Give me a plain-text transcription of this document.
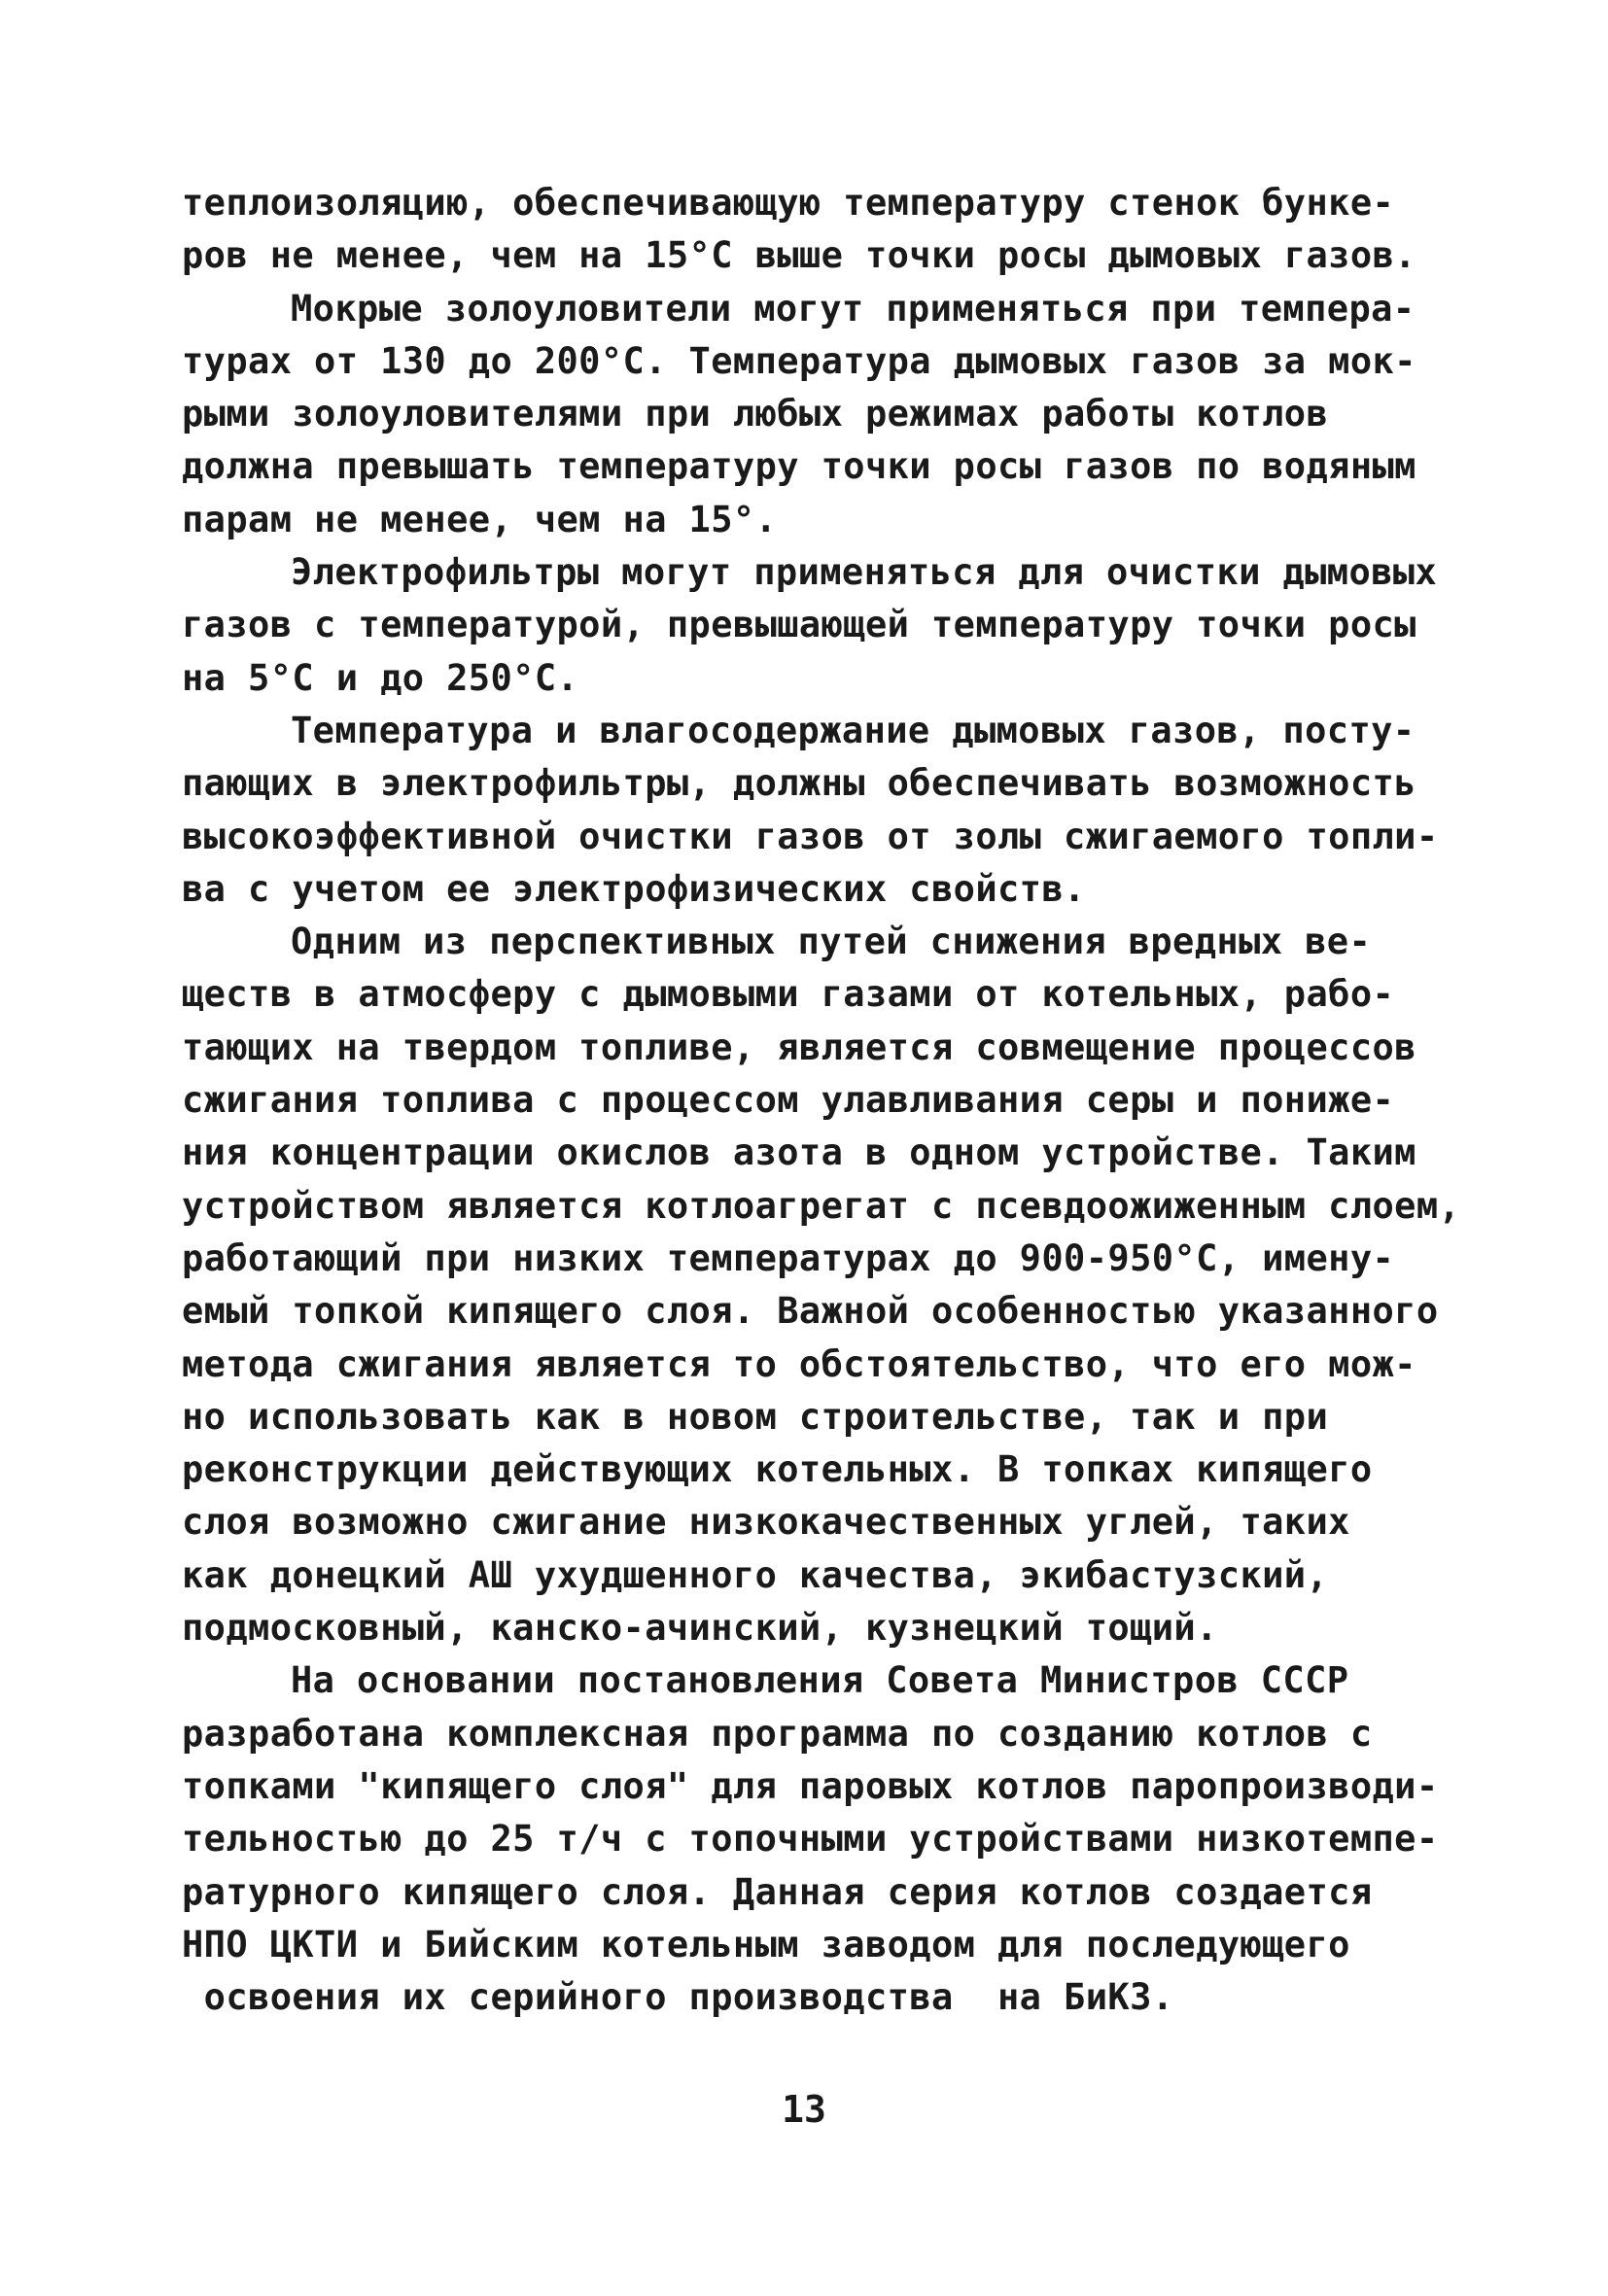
теплоизоляцию, обеспечивающую температуру стенок бунке-
ров не менее, чем на 15°С выше точки росы дымовых газов.
Мокрые золоуловители могут применяться при темпера-
турах от 130 до 200°С. Температура дымовых газов за мок-
рыми золоуловителями при любых режимах работы котлов
должна превышать температуру точки росы газов по водяным
парам не менее, чем на 15°.
Электрофильтры могут применяться для очистки дымовых
газов с температурой, превышающей температуру точки росы
на 5°С и до 250°С.
Температура и влагосодержание дымовых газов, посту-
пающих в электрофильтры, должны обеспечивать возможность
высокоэффективной очистки газов от золы сжигаемого топли-
ва с учетом ее электрофизических свойств.
Одним из перспективных путей снижения вредных ве-
ществ в атмосферу с дымовыми газами от котельных, рабо-
тающих на твердом топливе, является совмещение процессов
сжигания топлива с процессом улавливания серы и понижe-
ния концентрации окислов азота в одном устройстве. Таким
устройством является котлоагрегат с псевдоожиженным слоем,
работающий при низких температурах до 900-950°С, имену-
емый топкой кипящего слоя. Важной особенностью указанного
метода сжигания является то обстоятельство, что его мож-
но использовать как в новом строительстве, так и при
реконструкции действующих котельных. В топках кипящего
слоя возможно сжигание низкокачественных углей, таких
как донецкий АШ ухудшенного качества, экибастузский,
подмосковный, канско-ачинский, кузнецкий тощий.
На основании постановления Совета Министров СССР
разработана комплексная программа по созданию котлов с
топками "кипящего слоя" для паровых котлов паропроизводи-
тельностью до 25 т/ч с топочными устройствами низкотемпе-
ратурного кипящего слоя. Данная серия котлов создается
НПО ЦКТИ и Бийским котельным заводом для последующего
освоения их серийного производства  на БиКЗ.
13
